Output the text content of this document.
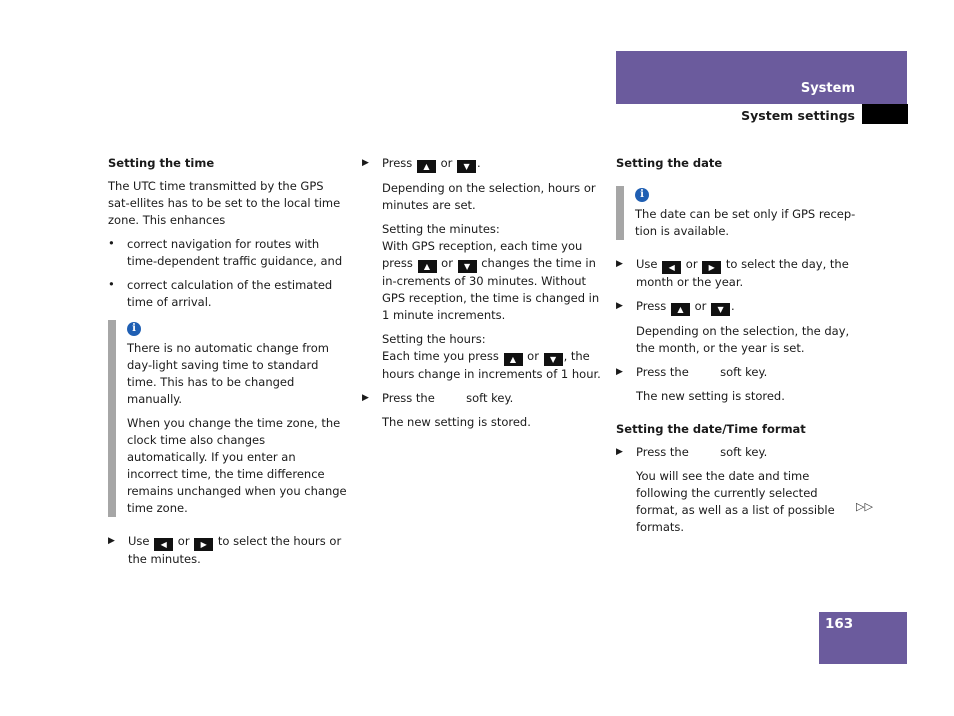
System
System settings

Setting the time

The UTC time transmitted by the GPS sat-ellites has to be set to the local time zone. This enhances

•	correct navigation for routes with time-dependent traffic guidance, and

•	correct calculation of the estimated time of arrival.

i

There is no automatic change from day-light saving time to standard time. This has to be changed manually.

When you change the time zone, the clock time also changes automatically. If you enter an incorrect time, the time difference remains unchanged when you change time zone.

▶	Use ◀ or ▶ to select the hours or the minutes.

▶	Press ▲ or ▼ .

Depending on the selection, hours or minutes are set.

Setting the minutes:

With GPS reception, each time you press ▲ or ▼ changes the time in in-crements of 30 minutes. Without GPS reception, the time is changed in 1 minute increments.

Setting the hours:

Each time you press ▲ or ▼ , the hours change in increments of 1 hour.

▶	Press the	soft key.

The new setting is stored.

Setting the date

i

The date can be set only if GPS recep-tion is available.

▶	Use ◀ or ▶ to select the day, the month or the year.

▶	Press ▲ or ▼ .

Depending on the selection, the day, the month, or the year is set.

▶	Press the	soft key.

The new setting is stored.

Setting the date/Time format

▶	Press the	soft key.

You will see the date and time following the currently selected format, as well as a list of possible formats.

▷▷
163
